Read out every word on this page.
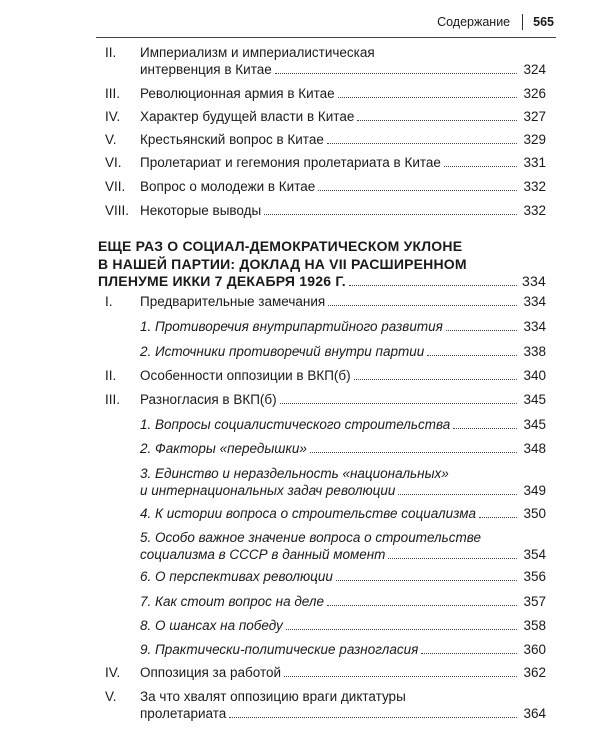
Содержание 565
II.	Империализм и империалистическая
интервенция в Китае	324
III.	Революционная армия в Китае	326
IV.	Характер будущей власти в Китае	327
V.	Крестьянский вопрос в Китае	329
VI.	Пролетариат и гегемония пролетариата в Китае	331
VII.	Вопрос о молодежи в Китае	332
VIII. Некоторые выводы	332
ЕЩЕ РАЗ О СОЦИАЛ-ДЕМОКРАТИЧЕСКОМ УКЛОНЕ
В НАШЕЙ ПАРТИИ: ДОКЛАД НА VII РАСШИРЕННОМ
ПЛЕНУМЕ ИККИ 7 ДЕКАБРЯ 1926 Г.	334
I.	Предварительные замечания	334
1. Противоречия внутрипартийного развития	334
2. Источники противоречий внутри партии	338
II.	Особенности оппозиции в ВКП(б)	340
III.	Разногласия в ВКП(б)	345
1. Вопросы социалистического строительства	345
2. Факторы «передышки»	348
3. Единство и нераздельность «национальных»
и интернациональных задач революции	349
4. К истории вопроса о строительстве социализма	350
5. Особо важное значение вопроса о строительстве
социализма в СССР в данный момент	354
6. О перспективах революции	356
7. Как стоит вопрос на деле	357
8. О шансах на победу	358
9. Практически-политические разногласия	360
IV.	Оппозиция за работой	362
V.	За что хвалят оппозицию враги диктатуры
пролетариата	364
